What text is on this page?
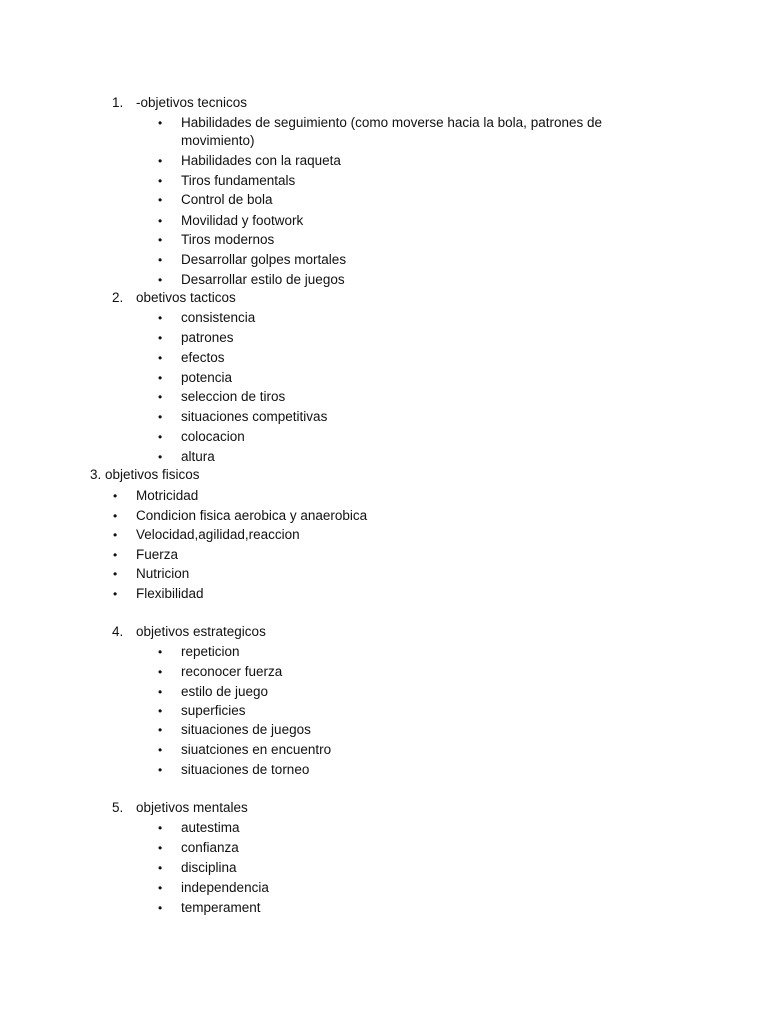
1. -objetivos tecnicos
• Habilidades de seguimiento (como moverse hacia la bola, patrones de
movimiento)
• Habilidades con la raqueta
• Tiros fundamentals
• Control de bola
• Movilidad y footwork
• Tiros modernos
• Desarrollar golpes mortales
• Desarrollar estilo de juegos
2. obetivos tacticos
• consistencia
• patrones
• efectos
• potencia
• seleccion de tiros
• situaciones competitivas
• colocacion
• altura
3. objetivos fisicos
• Motricidad
• Condicion fisica aerobica y anaerobica
• Velocidad,agilidad,reaccion
• Fuerza
• Nutricion
• Flexibilidad
4. objetivos estrategicos
• repeticion
• reconocer fuerza
• estilo de juego
• superficies
• situaciones de juegos
• siuatciones en encuentro
• situaciones de torneo
5. objetivos mentales
• autestima
• confianza
• disciplina
• independencia
• temperament
